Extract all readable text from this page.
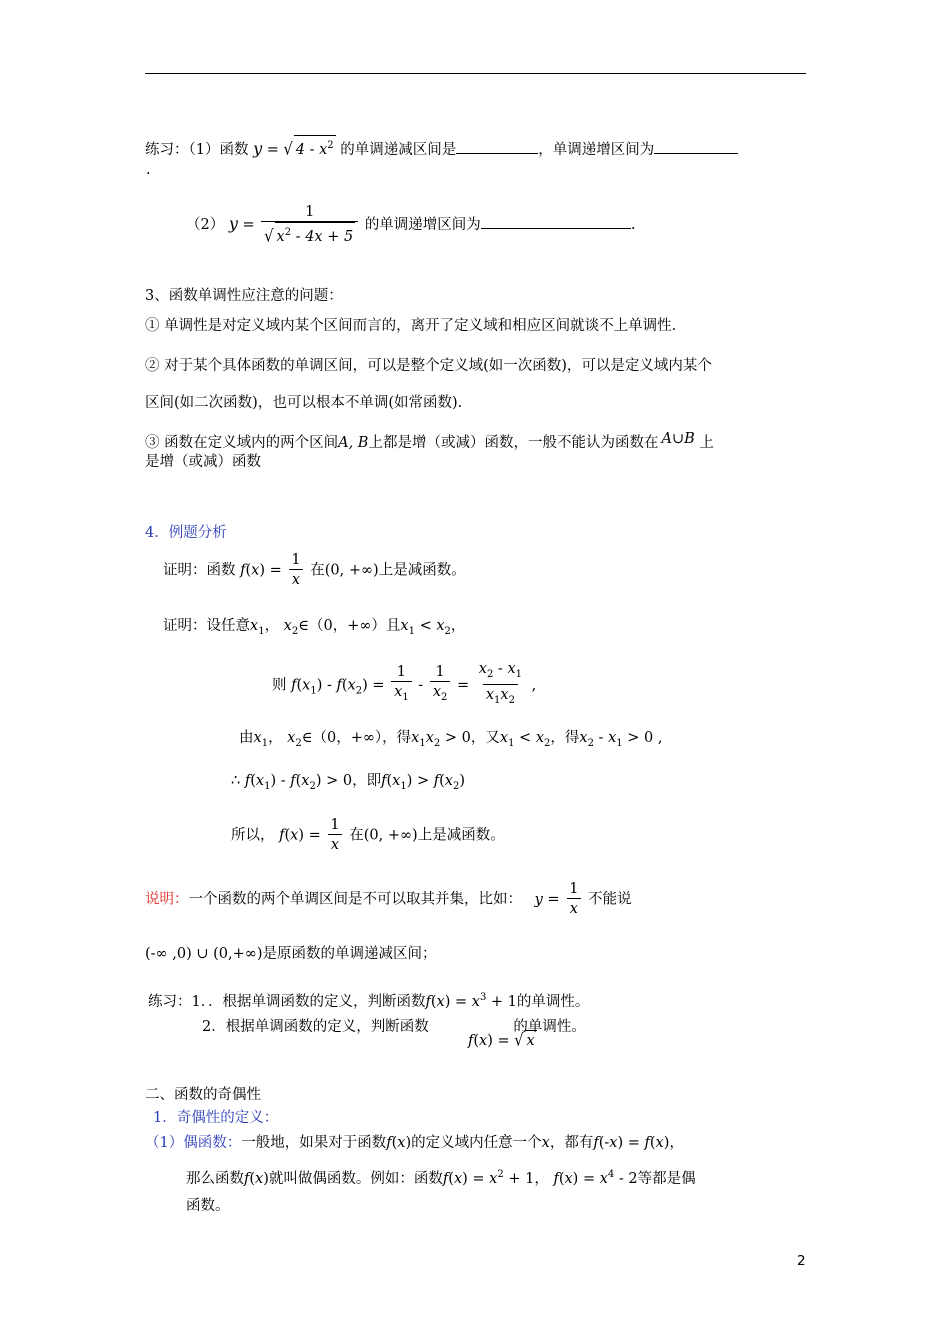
练习：（1）函数 y = √ $4 - x^2$ 的单调递减区间是	，单调递增区间为
.
（2） $y = \frac{1}{√ x^2 - 4x + 5}$ 的单调递增区间为	.
3、函数单调性应注意的问题：
① 单调性是对定义域内某个区间而言的，离开了定义域和相应区间就谈不上单调性.
② 对于某个具体函数的单调区间，可以是整个定义域(如一次函数)，可以是定义域内某个
区间(如二次函数)，也可以根本不单调(如常函数).
③ 函数在定义域内的两个区间A, B上都是增（或减）函数，一般不能认为函数在 A∪B 上
是增（或减）函数
4．例题分析
证明：函数 $f(x) = \frac{1}{x}$ 在(0, +∞)上是减函数。
证明：设任意$x_1$， $x_2\in(0$，+∞）且$x_1 < x_2$，
则 $f(x_1) - f(x_2) = \frac{1}{x_1} - \frac{1}{x_2} = \frac{x_2 - x_1}{x_1x_2}$ ,
由$x_1$， $x_2\in(0$，+∞），得$x_1x_2 > 0$，又$x_1 < x_2$，得$x_2 - x_1 > 0$ ,
∴ $f(x_1) - f(x_2) > 0$，即$f(x_1) > f(x_2)$
所以， $f(x) = \frac{1}{x}$ 在(0, +∞)上是减函数。
说明：一个函数的两个单调区间是不可以取其并集，比如： $y = \frac{1}{x}$ 不能说
(-∞ ,0) ∪ (0,+∞)是原函数的单调递减区间；
练习：1．．根据单调函数的定义，判断函数$f(x) = x^3 + 1$的单调性。
2．根据单调函数的定义，判断函数	的单调性。
f(x) = √ x
二、函数的奇偶性
1．奇偶性的定义：
（1）偶函数：一般地，如果对于函数f(x)的定义域内任意一个x，都有f(-x) = f(x)，
那么函数f(x)就叫做偶函数。例如：函数$f(x) = x^2 + 1$， $f(x) = x^4 - 2$等都是偶
函数。
2
